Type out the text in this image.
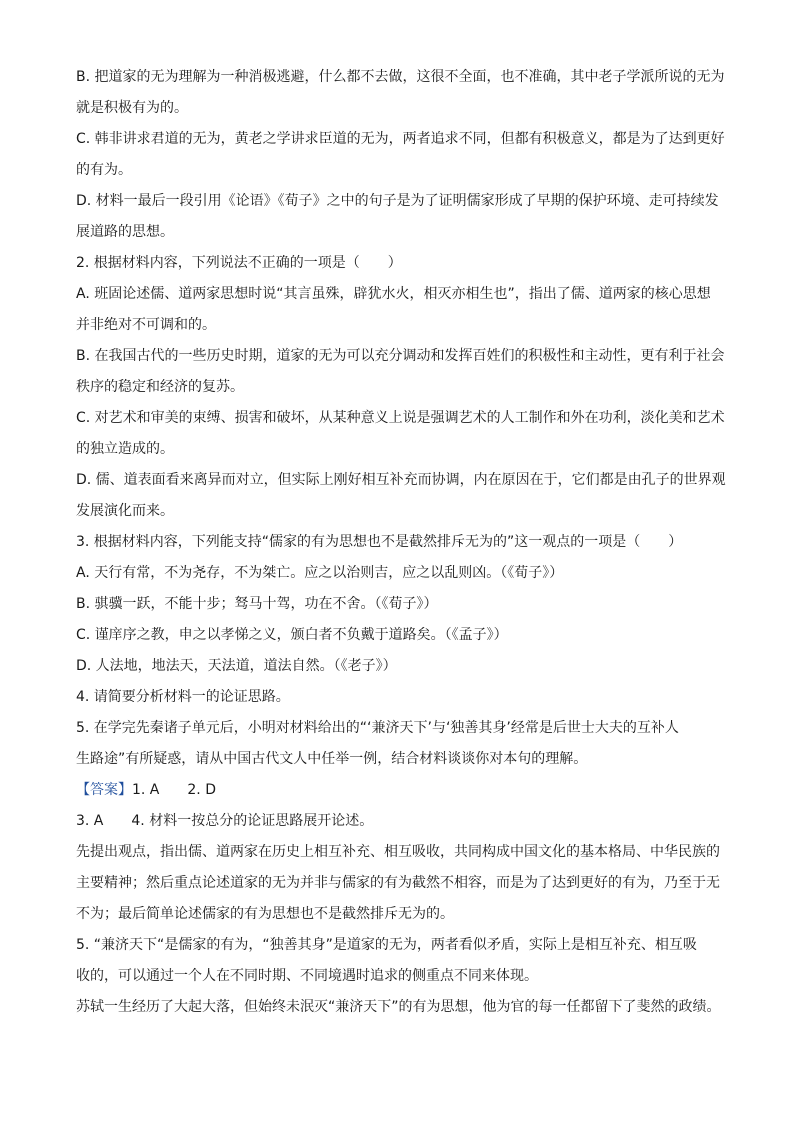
B. 把道家的无为理解为一种消极逃避，什么都不去做，这很不全面，也不准确，其中老子学派所说的无为
就是积极有为的。
C. 韩非讲求君道的无为，黄老之学讲求臣道的无为，两者追求不同，但都有积极意义，都是为了达到更好
的有为。
D. 材料一最后一段引用《论语》《荀子》之中的句子是为了证明儒家形成了早期的保护环境、走可持续发
展道路的思想。
2. 根据材料内容，下列说法不正确的一项是（　　）
A. 班固论述儒、道两家思想时说“其言虽殊，辟犹水火，相灭亦相生也”，指出了儒、道两家的核心思想
并非绝对不可调和的。
B. 在我国古代的一些历史时期，道家的无为可以充分调动和发挥百姓们的积极性和主动性，更有利于社会
秩序的稳定和经济的复苏。
C. 对艺术和审美的束缚、损害和破坏，从某种意义上说是强调艺术的人工制作和外在功利，淡化美和艺术
的独立造成的。
D. 儒、道表面看来离异而对立，但实际上刚好相互补充而协调，内在原因在于，它们都是由孔子的世界观
发展演化而来。
3. 根据材料内容，下列能支持“儒家的有为思想也不是截然排斥无为的”这一观点的一项是（　　）
A. 天行有常，不为尧存，不为桀亡。应之以治则吉，应之以乱则凶。（《荀子》）
B. 骐骥一跃，不能十步；驽马十驾，功在不舍。（《荀子》）
C. 谨庠序之教，申之以孝悌之义，颁白者不负戴于道路矣。（《孟子》）
D. 人法地，地法天，天法道，道法自然。（《老子》）
4. 请简要分析材料一的论证思路。
5. 在学完先秦诸子单元后，小明对材料给出的“‘兼济天下’与‘独善其身’经常是后世士大夫的互补人
生路途”有所疑惑，请从中国古代文人中任举一例，结合材料谈谈你对本句的理解。
【答案】1. A　　2. D
3. A　　4. 材料一按总分的论证思路展开论述。
先提出观点，指出儒、道两家在历史上相互补充、相互吸收，共同构成中国文化的基本格局、中华民族的
主要精神；然后重点论述道家的无为并非与儒家的有为截然不相容，而是为了达到更好的有为，乃至于无
不为；最后简单论述儒家的有为思想也不是截然排斥无为的。
5. “兼济天下“是儒家的有为，“独善其身”是道家的无为，两者看似矛盾，实际上是相互补充、相互吸
收的，可以通过一个人在不同时期、不同境遇时追求的侧重点不同来体现。
苏轼一生经历了大起大落，但始终未泯灭“兼济天下”的有为思想，他为官的每一任都留下了斐然的政绩。
